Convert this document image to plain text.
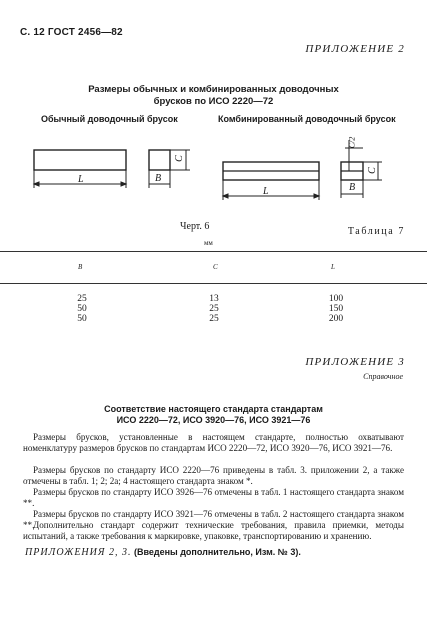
С. 12 ГОСТ 2456—82
ПРИЛОЖЕНИЕ 2
Размеры обычных и комбинированных доводочных
брусков по ИСО 2220—72
Обычный доводочный брусок	Комбинированный доводочный брусок
L	B
C
L	B
C
C/2
Черт. 6	Таблица 7
мм
B	C	L
25	13	100
50	25	150
50	25	200
ПРИЛОЖЕНИЕ 3
Справочное
Соответствие настоящего стандарта стандартам
ИСО 2220—72, ИСО 3920—76, ИСО 3921—76
Размеры брусков, установленные в настоящем стандарте, полностью охватывают номенклатуру размеров брусков по стандартам ИСО 2220—72, ИСО 3920—76, ИСО 3921—76.
Размеры брусков по стандарту ИСО 2220—76 приведены в табл. 3. приложении 2, а также отмечены в табл. 1; 2; 2а; 4 настоящего стандарта знаком *.
Размеры брусков по стандарту ИСО 3926—76 отмечены в табл. 1 настоящего стандарта знаком **.
Размеры брусков по стандарту ИСО 3921—76 отмечены в табл. 2 настоящего стандарта знаком **.
Дополнительно стандарт содержит технические требования, правила приемки, методы испытаний, а также требования к маркировке, упаковке, транспортированию и хранению.
ПРИЛОЖЕНИЯ 2, 3. (Введены дополнительно, Изм. № 3).
